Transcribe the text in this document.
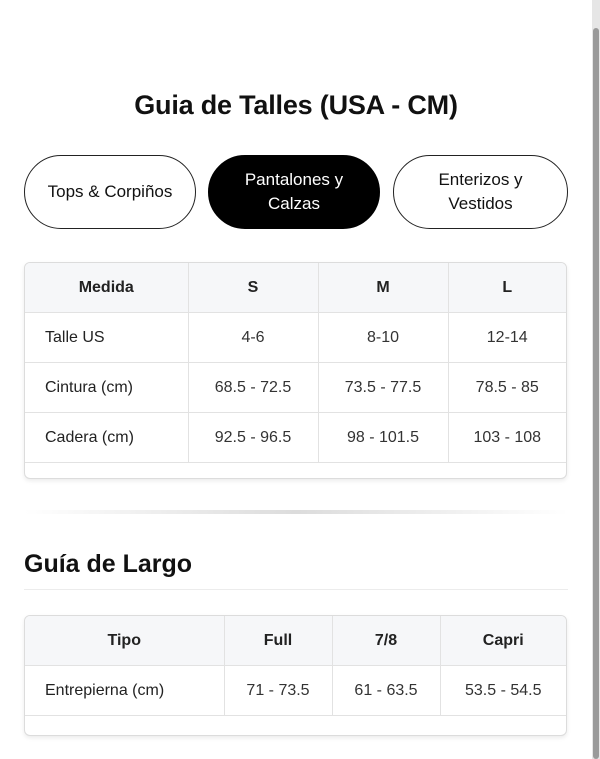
Guia de Talles (USA - CM)
Tops & Corpiños
Pantalones y Calzas
Enterizos y Vestidos
Medida	S	M	L
Talle US	4-6	8-10	12-14
Cintura (cm)	68.5 - 72.5	73.5 - 77.5	78.5 - 85
Cadera (cm)	92.5 - 96.5	98 - 101.5	103 - 108
Guía de Largo
Tipo	Full	7/8	Capri
Entrepierna (cm)	71 - 73.5	61 - 63.5	53.5 - 54.5
